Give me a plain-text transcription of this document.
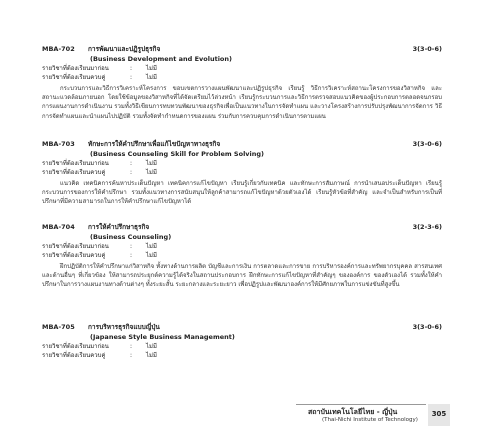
MBA-702 การพัฒนาและปฏิรูปธุรกิจ	3(3-0-6)
(Business Development and Evolution)
รายวิชาที่ต้องเรียนมาก่อน	: ไม่มี
รายวิชาที่ต้องเรียนควบคู่	: ไม่มี
กระบวนการและวิธีการวิเคราะห์โครงการ ขอบเขตการวางแผนพัฒนาและปฏิรูปธุรกิจ เรียนรู้ วิธีการวิเคราะห์สถานะโครงการของวิสาหกิจ และสถานะแวดล้อมภายนอก โดยใช้ข้อมูลของวิสาหกิจที่ได้จัดเตรียมไว้ล่วงหน้า เรียนรู้กระบวนการและวิธีการตรวจสอบแนวคิดของผู้ประกอบการตลอดจนกรอบการแผนงานการดำเนินงาน รวมทั้งวิธีเขียนการทบทวนพัฒนาของธุรกิจเพื่อเป็นแนวทางในการจัดทำแผน และวางโครงสร้างการปรับปรุงพัฒนาการจัดการ วิธีการจัดทำแผนและนำแผนไปปฏิบัติ รวมทั้งจัดทำกำหนดการของแผน ร่วมกับการควบคุมการดำเนินการตามแผน
MBA-703 ทักษะการให้คำปรึกษาเพื่อแก้ไขปัญหาทางธุรกิจ	3(3-0-6)
(Business Counseling Skill for Problem Solving)
รายวิชาที่ต้องเรียนมาก่อน	: ไม่มี
รายวิชาที่ต้องเรียนควบคู่	: ไม่มี
แนวคิด เทคนิคการค้นหาประเด็นปัญหา เทคนิคการแก้ไขปัญหา เรียนรู้เกี่ยวกับเทคนิค และทักษะการสัมภาษณ์ การนำเสนอประเด็นปัญหา เรียนรู้กระบวนการของการให้คำปรึกษา รวมทั้งแนวทางการสนับสนุนให้ลูกค้าสามารถแก้ไขปัญหาด้วยตัวเองได้ เรียนรู้หัวข้อที่สำคัญ และจำเป็นสำหรับการเป็นที่ปรึกษาที่มีความสามารถในการให้คำปรึกษาแก้ไขปัญหาได้
MBA-704 การให้คำปรึกษาธุรกิจ	3(2-3-6)
(Business Counseling)
รายวิชาที่ต้องเรียนมาก่อน	: ไม่มี
รายวิชาที่ต้องเรียนควบคู่	: ไม่มี
ฝึกปฏิบัติการให้คำปรึกษาแก่วิสาหกิจ ทั้งทางด้านการผลิต บัญชีและการเงิน การตลาดและการขาย การบริหารองค์การและทรัพยากรบุคคล สารสนเทศ และด้านอื่นๆ ที่เกี่ยวข้อง ให้สามารถประยุกต์ความรู้ได้จริงในสถานประกอบการ ฝึกทักษะการแก้ไขปัญหาที่สำคัญๆ ขององค์การ ของตัวเองได้ รวมทั้งให้คำปรึกษาในการวางแผนงานทางด้านต่างๆ ทั้งระยะสั้น ระยะกลางและระยะยาว เพื่อปฏิรูปและพัฒนาองค์การให้มีศักยภาพในการแข่งขันที่สูงขึ้น
MBA-705 การบริหารธุรกิจแบบญี่ปุ่น	3(3-0-6)
(Japanese Style Business Management)
รายวิชาที่ต้องเรียนมาก่อน	: ไม่มี
รายวิชาที่ต้องเรียนควบคู่	: ไม่มี
สถาบันเทคโนโลยีไทย - ญี่ปุ่น
(Thai-Nichi Institute of Technology)
305
